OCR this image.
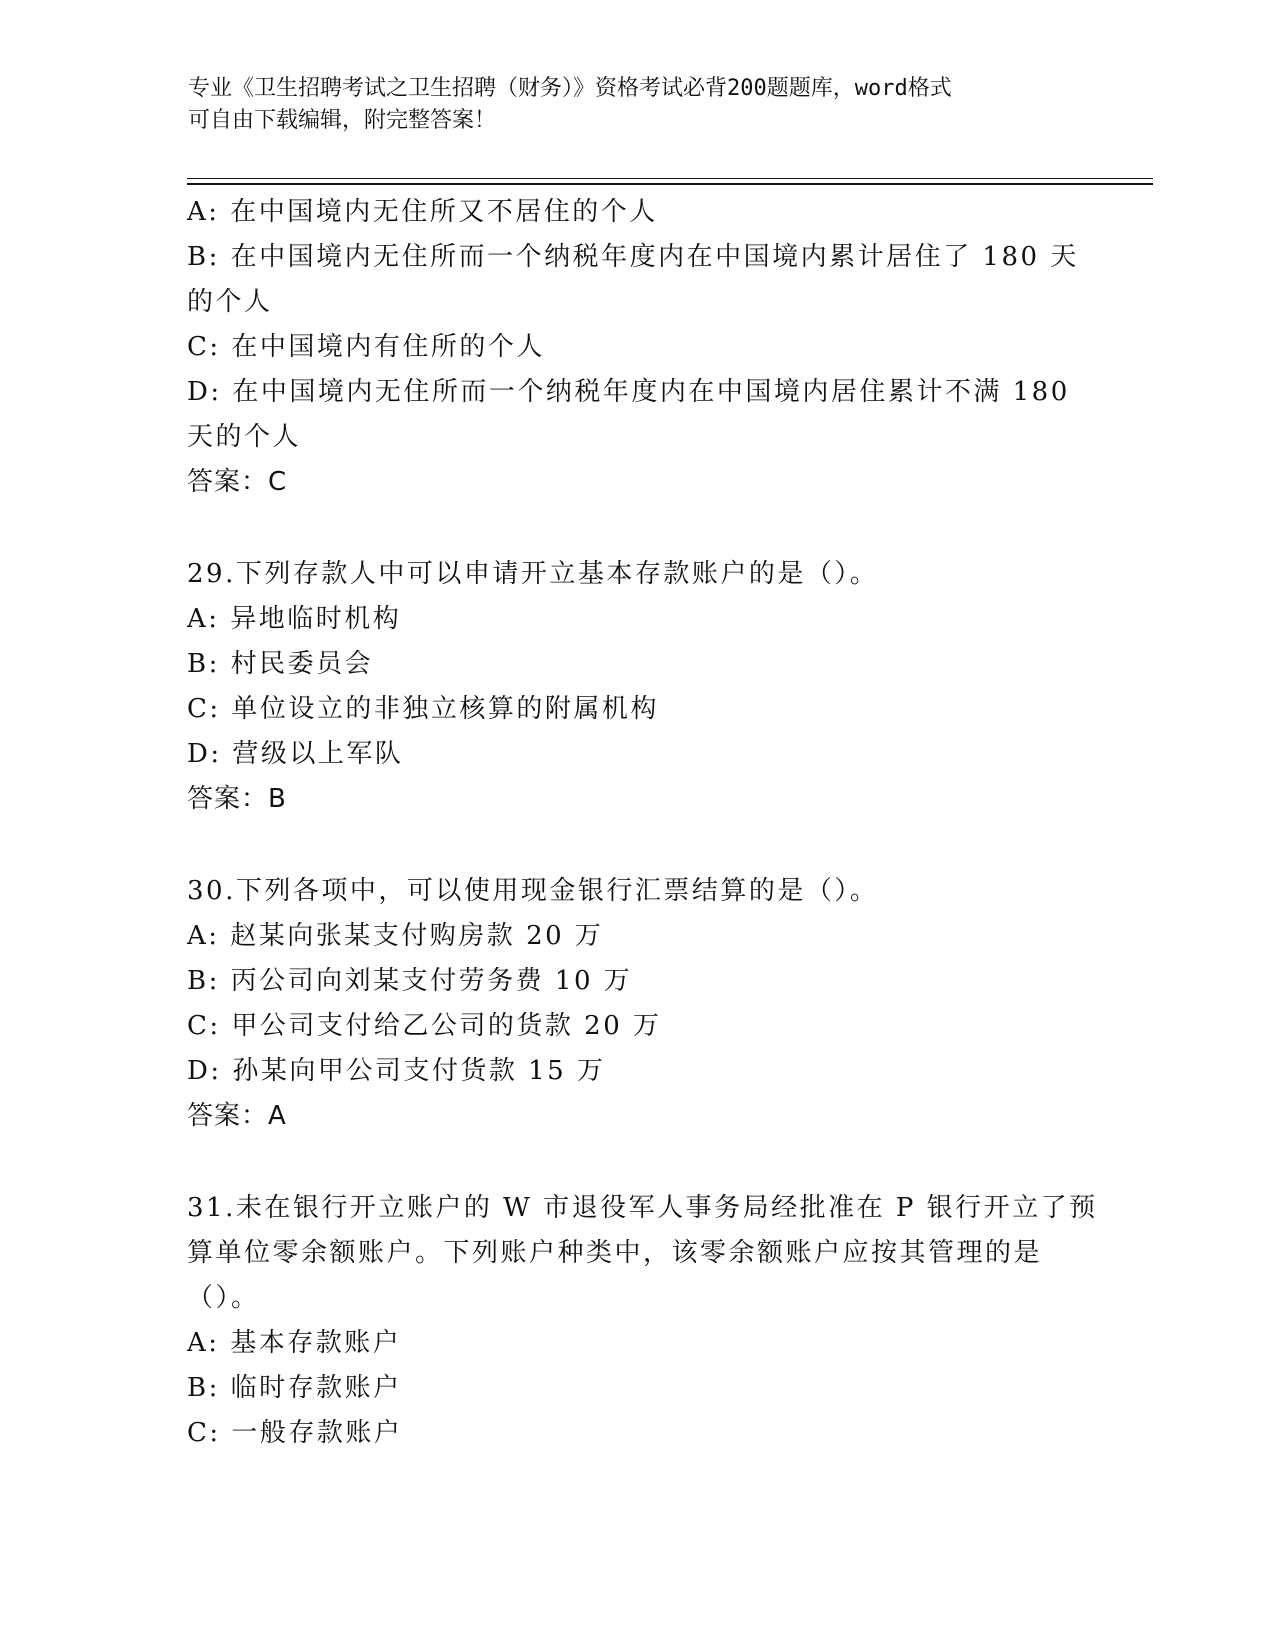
专业《卫生招聘考试之卫生招聘（财务）》资格考试必背200题题库，word格式
可自由下载编辑，附完整答案！
A: 在中国境内无住所又不居住的个人
B: 在中国境内无住所而一个纳税年度内在中国境内累计居住了 180 天
的个人
C: 在中国境内有住所的个人
D: 在中国境内无住所而一个纳税年度内在中国境内居住累计不满 180
天的个人
答案：C
29.下列存款人中可以申请开立基本存款账户的是（）。
A: 异地临时机构
B: 村民委员会
C: 单位设立的非独立核算的附属机构
D: 营级以上军队
答案：B
30.下列各项中，可以使用现金银行汇票结算的是（）。
A: 赵某向张某支付购房款 20 万
B: 丙公司向刘某支付劳务费 10 万
C: 甲公司支付给乙公司的货款 20 万
D: 孙某向甲公司支付货款 15 万
答案：A
31.未在银行开立账户的 W 市退役军人事务局经批准在 P 银行开立了预
算单位零余额账户。下列账户种类中，该零余额账户应按其管理的是
（）。
A: 基本存款账户
B: 临时存款账户
C: 一般存款账户
